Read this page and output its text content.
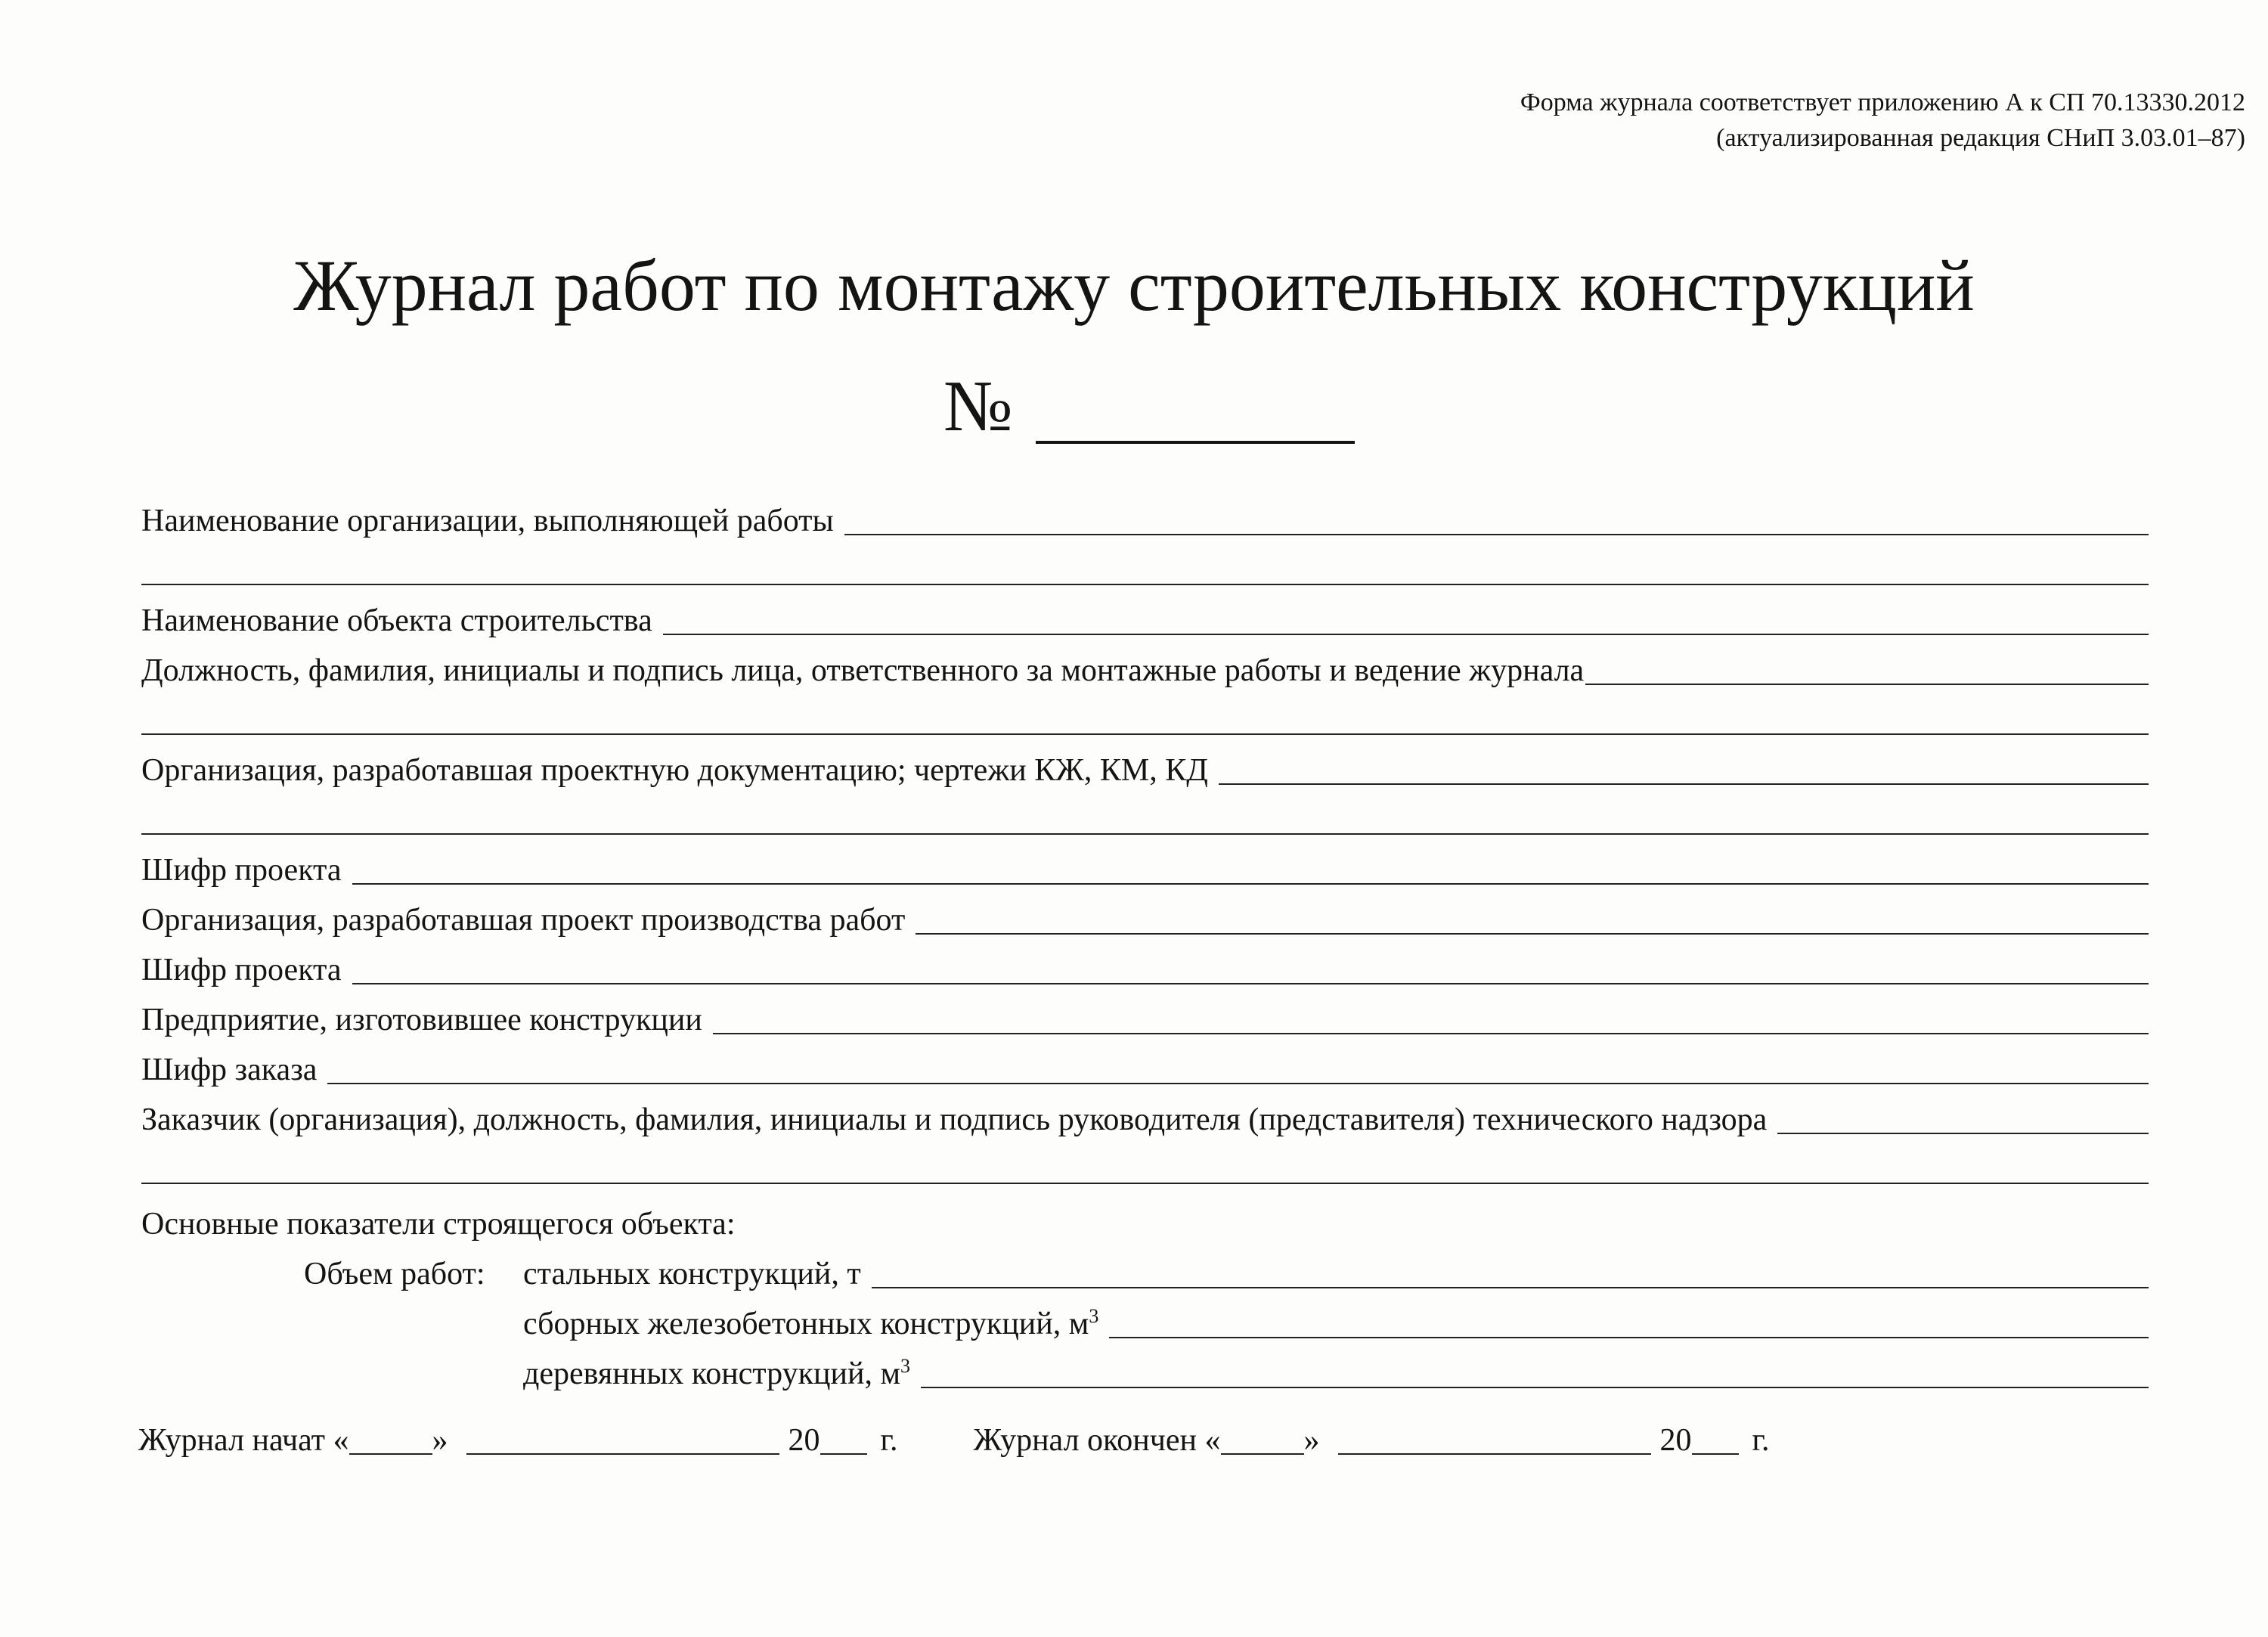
Форма журнала соответствует приложению А к СП 70.13330.2012
(актуализированная редакция СНиП 3.03.01–87)
Журнал работ по монтажу строительных конструкций
№
Наименование организации, выполняющей работы
Наименование объекта строительства
Должность, фамилия, инициалы и подпись лица, ответственного за монтажные работы и ведение журнала
Организация, разработавшая проектную документацию; чертежи КЖ, КМ, КД
Шифр проекта
Организация, разработавшая проект производства работ
Шифр проекта
Предприятие, изготовившее конструкции
Шифр заказа
Заказчик (организация), должность, фамилия, инициалы и подпись руководителя (представителя) технического надзора
Основные показатели строящегося объекта:
Объем работ:	стальных конструкций, т
сборных железобетонных конструкций, $м^3$
деревянных конструкций, $м^3$
Журнал начат «	»	20 г. Журнал окончен «	»	20 г.
